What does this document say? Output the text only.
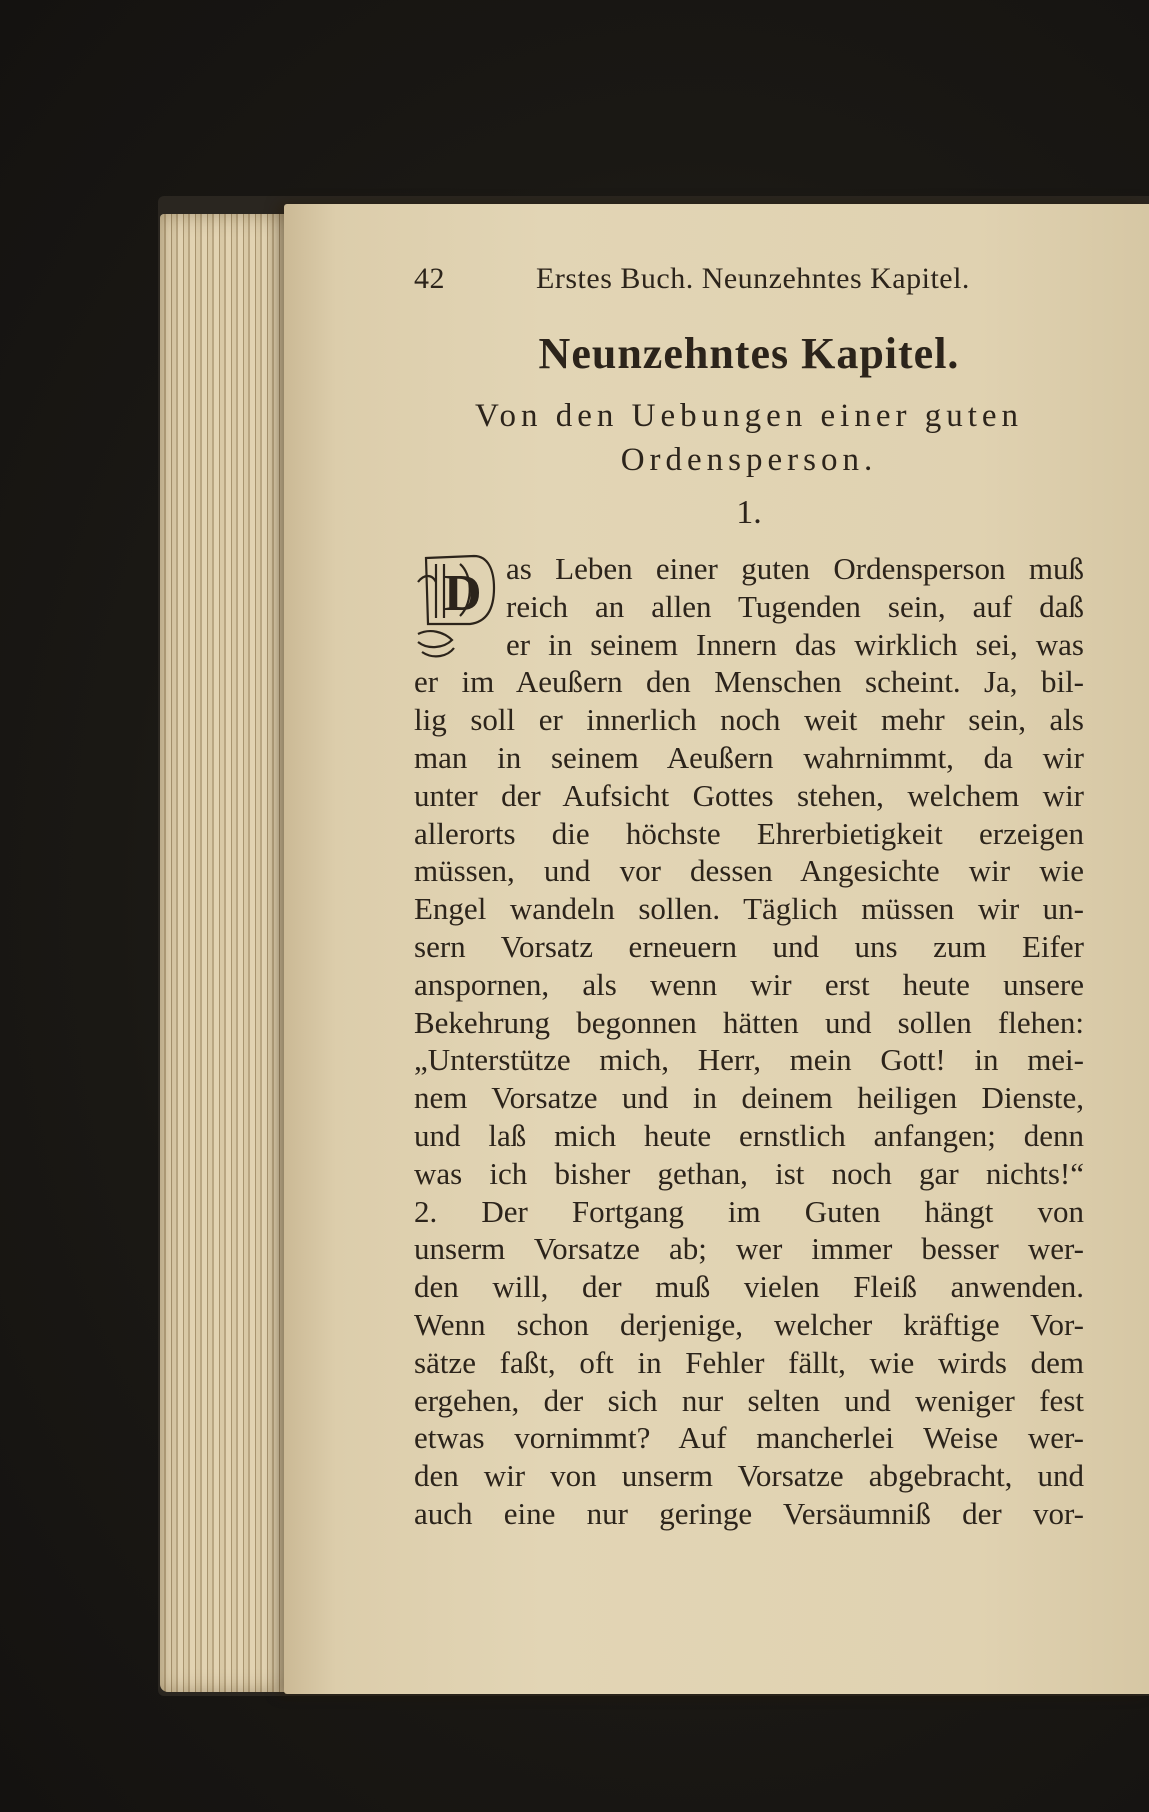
42	Erstes Buch. Neunzehntes Kapitel.
Neunzehntes Kapitel.
Von den Uebungen einer guten
Ordensperson.
1.
D as Leben einer guten Ordensperson muß
reich an allen Tugenden sein, auf daß
er in seinem Innern das wirklich sei, was
er im Aeußern den Menschen scheint. Ja, bil-
lig soll er innerlich noch weit mehr sein, als
man in seinem Aeußern wahrnimmt, da wir
unter der Aufsicht Gottes stehen, welchem wir
allerorts die höchste Ehrerbietigkeit erzeigen
müssen, und vor dessen Angesichte wir wie
Engel wandeln sollen. Täglich müssen wir un-
sern Vorsatz erneuern und uns zum Eifer
anspornen, als wenn wir erst heute unsere
Bekehrung begonnen hätten und sollen flehen:
„Unterstütze mich, Herr, mein Gott! in mei-
nem Vorsatze und in deinem heiligen Dienste,
und laß mich heute ernstlich anfangen; denn
was ich bisher gethan, ist noch gar nichts!“
2. Der Fortgang im Guten hängt von
unserm Vorsatze ab; wer immer besser wer-
den will, der muß vielen Fleiß anwenden.
Wenn schon derjenige, welcher kräftige Vor-
sätze faßt, oft in Fehler fällt, wie wirds dem
ergehen, der sich nur selten und weniger fest
etwas vornimmt? Auf mancherlei Weise wer-
den wir von unserm Vorsatze abgebracht, und
auch eine nur geringe Versäumniß der vor-
